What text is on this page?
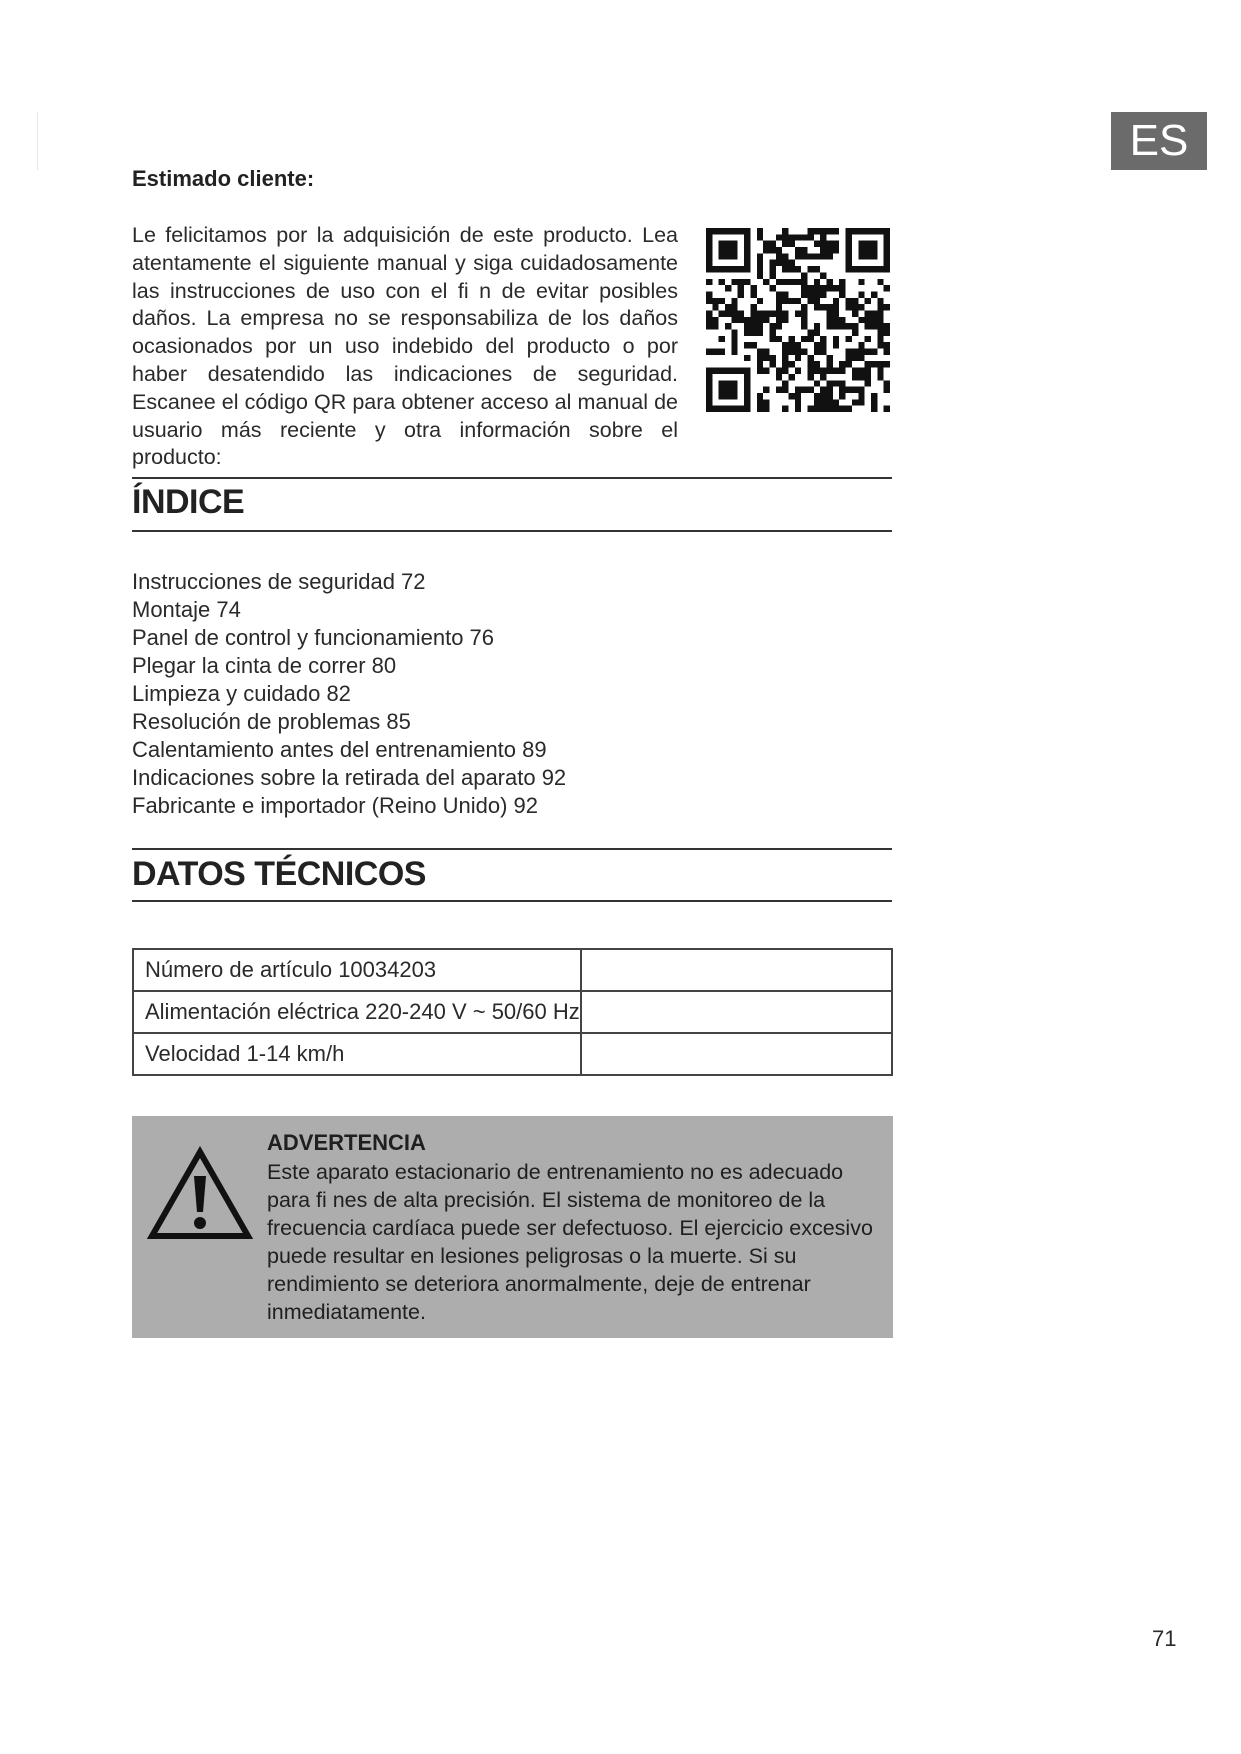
ES
Estimado cliente:
Le felicitamos por la adquisición de este producto. Lea atentamente el siguiente manual y siga cuidadosamente las instrucciones de uso con el fi n de evitar posibles daños. La empresa no se responsabiliza de los daños ocasionados por un uso indebido del producto o por haber desatendido las indicaciones de seguridad. Escanee el código QR para obtener acceso al manual de usuario más reciente y otra información sobre el producto:
ÍNDICE
Instrucciones de seguridad 72
Montaje 74
Panel de control y funcionamiento 76
Plegar la cinta de correr 80
Limpieza y cuidado 82
Resolución de problemas 85
Calentamiento antes del entrenamiento 89
Indicaciones sobre la retirada del aparato 92
Fabricante e importador (Reino Unido) 92
DATOS TÉCNICOS
Número de artículo 10034203	
Alimentación eléctrica 220-240 V ~ 50/60 Hz	
Velocidad 1-14 km/h	
ADVERTENCIA
Este aparato estacionario de entrenamiento no es adecuado para fi nes de alta precisión. El sistema de monitoreo de la frecuencia cardíaca puede ser defectuoso. El ejercicio excesivo puede resultar en lesiones peligrosas o la muerte. Si su rendimiento se deteriora anormalmente, deje de entrenar inmediatamente.
71
